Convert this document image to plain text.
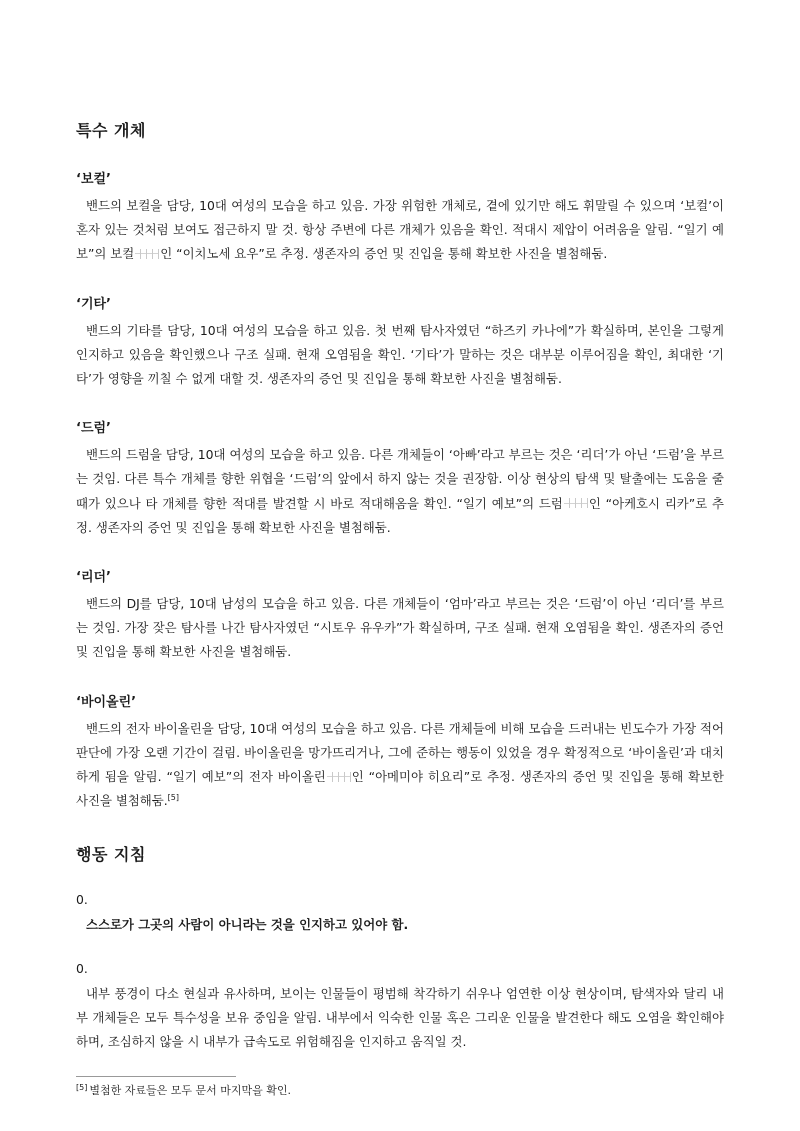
특수 개체
‘보컬’

밴드의 보컬을 담당, 10대 여성의 모습을 하고 있음. 가장 위험한 개체로, 곁에 있기만 해도 휘말릴 수 있으며 ‘보컬’이 혼자 있는 것처럼 보여도 접근하지 말 것. 항상 주변에 다른 개체가 있음을 확인. 적대시 제압이 어려움을 알림. “일기 예보”의 보컬 인 “이치노세 요우”로 추정. 생존자의 증언 및 진입을 통해 확보한 사진을 별첨해둠.

‘기타’

밴드의 기타를 담당, 10대 여성의 모습을 하고 있음. 첫 번째 탐사자였던 “하즈키 카나에”가 확실하며, 본인을 그렇게 인지하고 있음을 확인했으나 구조 실패. 현재 오염됨을 확인. ‘기타’가 말하는 것은 대부분 이루어짐을 확인, 최대한 ‘기타’가 영향을 끼칠 수 없게 대할 것. 생존자의 증언 및 진입을 통해 확보한 사진을 별첨해둠.

‘드럼’

밴드의 드럼을 담당, 10대 여성의 모습을 하고 있음. 다른 개체들이 ‘아빠’라고 부르는 것은 ‘리더’가 아닌 ‘드럼’을 부르는 것임. 다른 특수 개체를 향한 위협을 ‘드럼’의 앞에서 하지 않는 것을 권장함. 이상 현상의 탐색 및 탈출에는 도움을 줄 때가 있으나 타 개체를 향한 적대를 발견할 시 바로 적대해옴을 확인. “일기 예보”의 드럼 인 “아케호시 리카”로 추정. 생존자의 증언 및 진입을 통해 확보한 사진을 별첨해둠.

‘리더’

밴드의 DJ를 담당, 10대 남성의 모습을 하고 있음. 다른 개체들이 ‘엄마’라고 부르는 것은 ‘드럼’이 아닌 ‘리더’를 부르는 것임. 가장 잦은 탐사를 나간 탐사자였던 “시토우 유우카”가 확실하며, 구조 실패. 현재 오염됨을 확인. 생존자의 증언 및 진입을 통해 확보한 사진을 별첨해둠.

‘바이올린’

밴드의 전자 바이올린을 담당, 10대 여성의 모습을 하고 있음. 다른 개체들에 비해 모습을 드러내는 빈도수가 가장 적어 판단에 가장 오랜 기간이 걸림. 바이올린을 망가뜨리거나, 그에 준하는 행동이 있었을 경우 확정적으로 ‘바이올린’과 대치하게 됨을 알림. “일기 예보”의 전자 바이올린 인 “아메미야 히요리”로 추정. 생존자의 증언 및 진입을 통해 확보한 사진을 별첨해둠.[5]

행동 지침
0.

스스로가 그곳의 사람이 아니라는 것을 인지하고 있어야 함.

0.

내부 풍경이 다소 현실과 유사하며, 보이는 인물들이 평범해 착각하기 쉬우나 엄연한 이상 현상이며, 탐색자와 달리 내부 개체들은 모두 특수성을 보유 중임을 알림. 내부에서 익숙한 인물 혹은 그리운 인물을 발견한다 해도 오염을 확인해야 하며, 조심하지 않을 시 내부가 급속도로 위험해짐을 인지하고 움직일 것.

[5] 별첨한 자료들은 모두 문서 마지막을 확인.
